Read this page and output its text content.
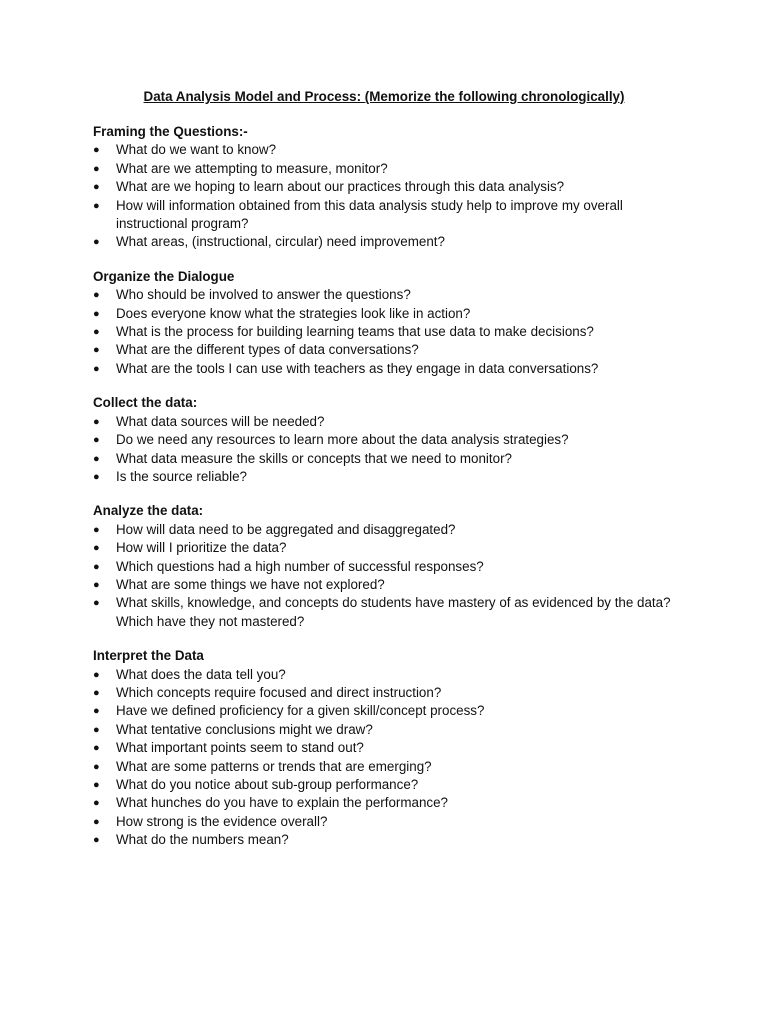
Data Analysis Model and Process: (Memorize the following chronologically)

Framing the Questions:-

●	What do we want to know?
●	What are we attempting to measure, monitor?
●	What are we hoping to learn about our practices through this data analysis?
●	How will information obtained from this data analysis study help to improve my overall instructional program?
●	What areas, (instructional, circular) need improvement?

Organize the Dialogue

●	Who should be involved to answer the questions?
●	Does everyone know what the strategies look like in action?
●	What is the process for building learning teams that use data to make decisions?
●	What are the different types of data conversations?
●	What are the tools I can use with teachers as they engage in data conversations?

Collect the data:

●	What data sources will be needed?
●	Do we need any resources to learn more about the data analysis strategies?
●	What data measure the skills or concepts that we need to monitor?
●	Is the source reliable?

Analyze the data:

●	How will data need to be aggregated and disaggregated?
●	How will I prioritize the data?
●	Which questions had a high number of successful responses?
●	What are some things we have not explored?
●	What skills, knowledge, and concepts do students have mastery of as evidenced by the data? Which have they not mastered?

Interpret the Data

●	What does the data tell you?
●	Which concepts require focused and direct instruction?
●	Have we defined proficiency for a given skill/concept process?
●	What tentative conclusions might we draw?
●	What important points seem to stand out?
●	What are some patterns or trends that are emerging?
●	What do you notice about sub-group performance?
●	What hunches do you have to explain the performance?
●	How strong is the evidence overall?
●	What do the numbers mean?
